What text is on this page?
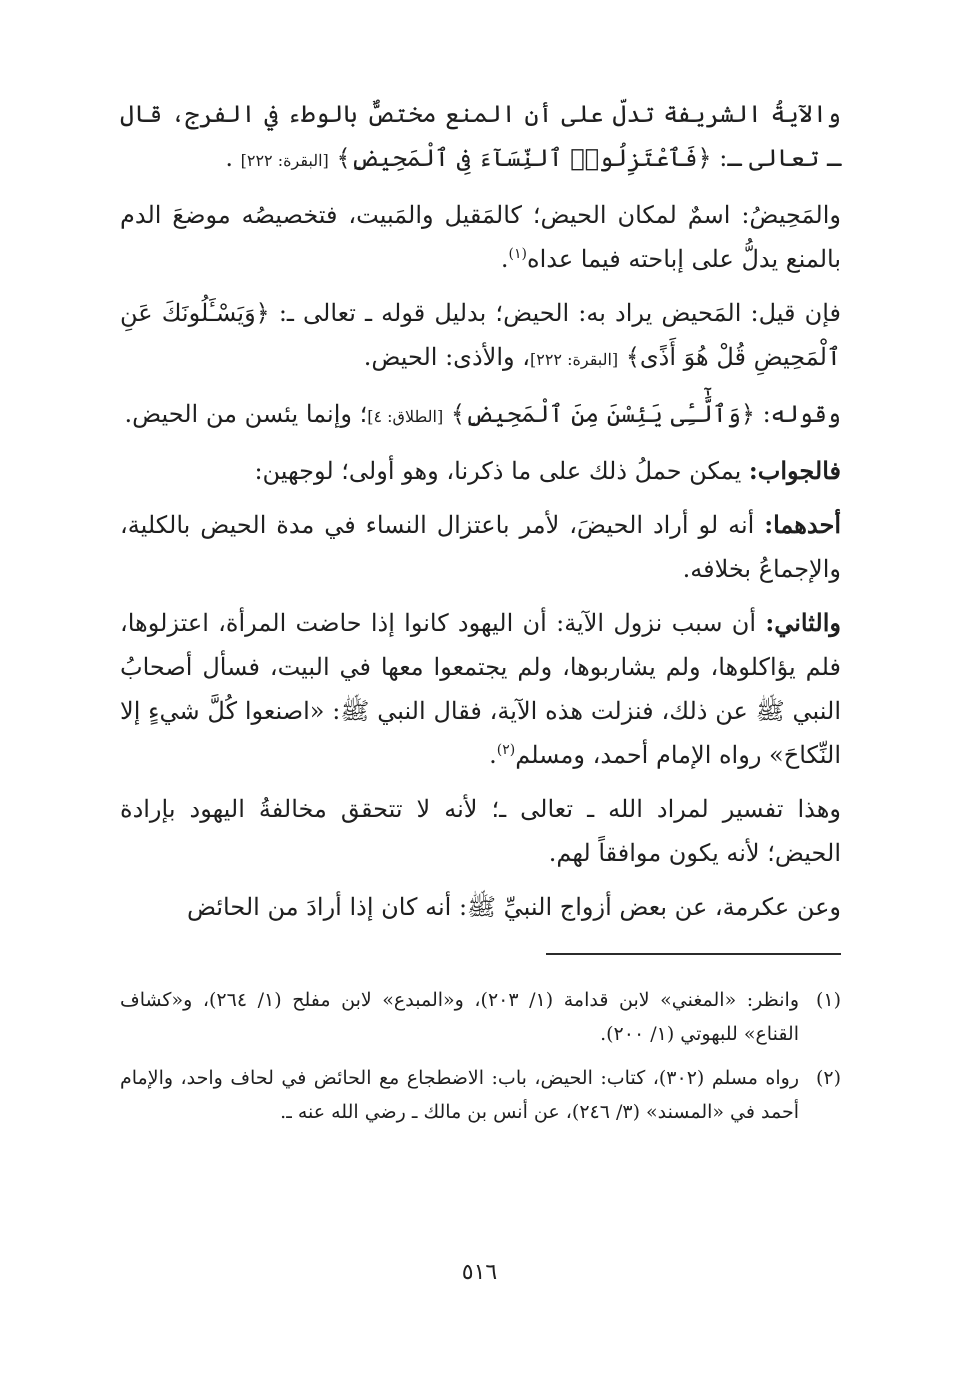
والآيةُ الشريفة تدلّ على أن المنع مختصٌّ بالوطء في الفرج، قال ـ تعالى ـ: ﴿فَٱعْتَزِلُوا۟ ٱلنِّسَآءَ فِى ٱلْمَحِيضِ﴾ [البقرة: ٢٢٢] .

والمَحِيضُ: اسمٌ لمكان الحيض؛ كالمَقيل والمَبيت، فتخصيصُه موضعَ الدم بالمنع يدلُّ على إباحته فيما عداه$^{(١)}$.

فإن قيل: المَحيض يراد به: الحيض؛ بدليل قوله ـ تعالى ـ: ﴿وَيَسْـَٔلُونَكَ عَنِ ٱلْمَحِيضِ قُلْ هُوَ أَذًى﴾ [البقرة: ٢٢٢]، والأذى: الحيض.

وقوله: ﴿وَٱلَّٰٓـِٔى يَئِسْنَ مِنَ ٱلْمَحِيضِ﴾ [الطلاق: ٤]؛ وإنما يئسن من الحيض.

فالجواب: يمكن حملُ ذلك على ما ذكرنا، وهو أولى؛ لوجهين:

أحدهما: أنه لو أراد الحيضَ، لأمر باعتزال النساء في مدة الحيض بالكلية، والإجماعُ بخلافه.

والثاني: أن سبب نزول الآية: أن اليهود كانوا إذا حاضت المرأة، اعتزلوها، فلم يؤاكلوها، ولم يشاربوها، ولم يجتمعوا معها في البيت، فسأل أصحابُ النبي ﷺ عن ذلك، فنزلت هذه الآية، فقال النبي ﷺ: «اصنعوا كُلَّ شيءٍ إلا النِّكاحَ» رواه الإمام أحمد، ومسلم$^{(٢)}$.

وهذا تفسير لمراد الله ـ تعالى ـ؛ لأنه لا تتحقق مخالفةُ اليهود بإرادة الحيض؛ لأنه يكون موافقاً لهم.

وعن عكرمة، عن بعض أزواج النبيِّ ﷺ: أنه كان إذا أرادَ من الحائض

(١)
وانظر: «المغني» لابن قدامة (١/ ٢٠٣)، و«المبدع» لابن مفلح (١/ ٢٦٤)، و«كشاف القناع» للبهوتي (١/ ٢٠٠).
(٢)
رواه مسلم (٣٠٢)، كتاب: الحيض، باب: الاضطجاع مع الحائض في لحاف واحد، والإمام أحمد في «المسند» (٣/ ٢٤٦)، عن أنس بن مالك ـ رضي الله عنه ـ.
٥١٦
